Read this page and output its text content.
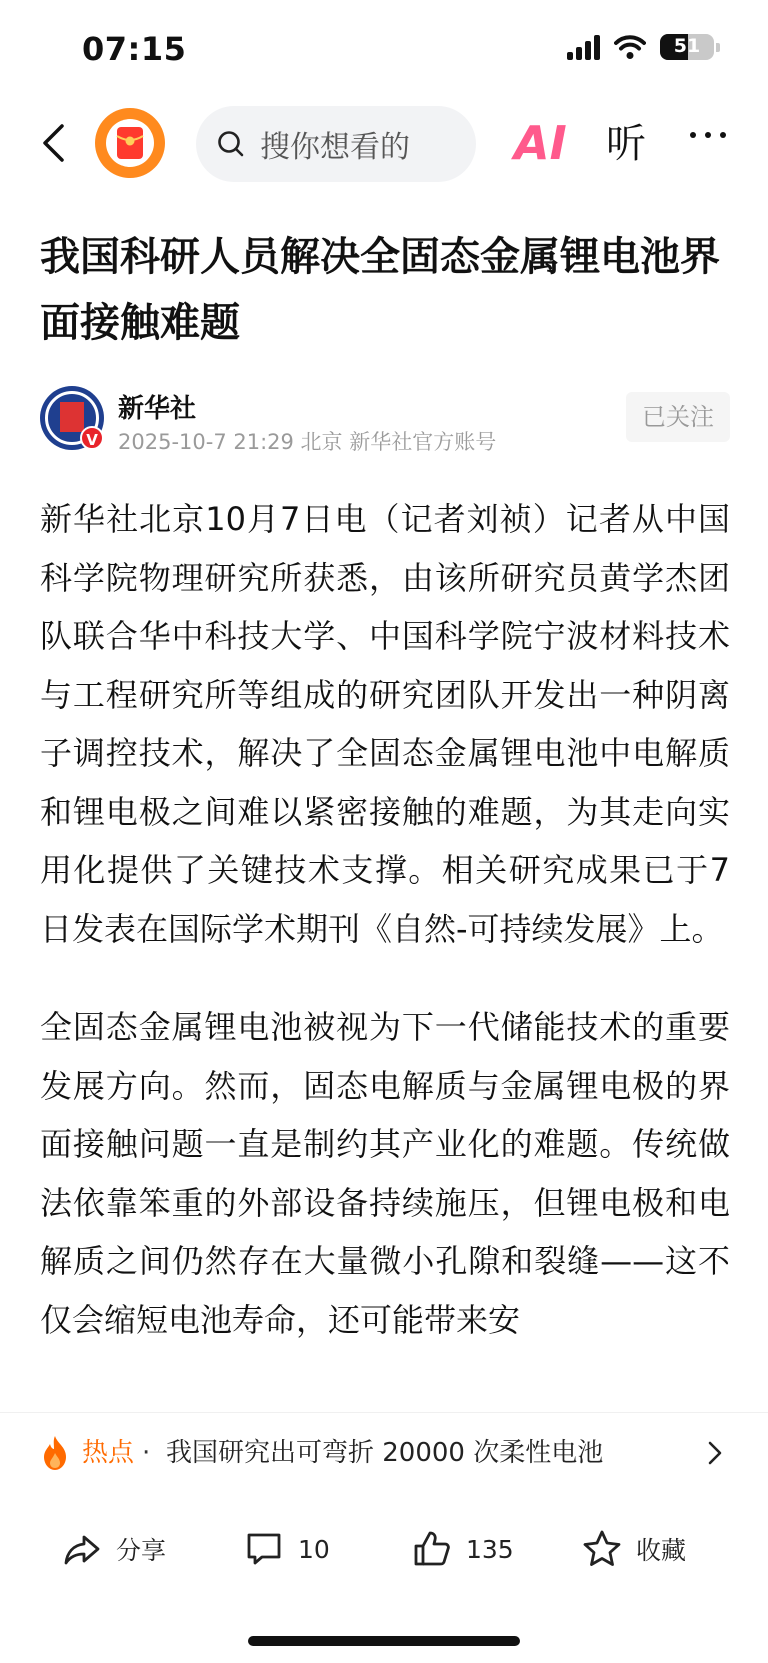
07:15	51
搜你想看的 AI 听
我国科研人员解决全固态金属锂电池界面接触难题
V
新华社
2025-10-7 21:29 北京 新华社官方账号
已关注

新华社北京10月7日电（记者刘祯）记者从中国科学院物理研究所获悉，由该所研究员黄学杰团队联合华中科技大学、中国科学院宁波材料技术与工程研究所等组成的研究团队开发出一种阴离子调控技术，解决了全固态金属锂电池中电解质和锂电极之间难以紧密接触的难题，为其走向实用化提供了关键技术支撑。相关研究成果已于7日发表在国际学术期刊《自然-可持续发展》上。

全固态金属锂电池被视为下一代储能技术的重要发展方向。然而，固态电解质与金属锂电极的界面接触问题一直是制约其产业化的难题。传统做法依靠笨重的外部设备持续施压，但锂电极和电解质之间仍然存在大量微小孔隙和裂缝——这不仅会缩短电池寿命，还可能带来安

热点 · 我国研究出可弯折 20000 次柔性电池
分享	10	135	收藏
